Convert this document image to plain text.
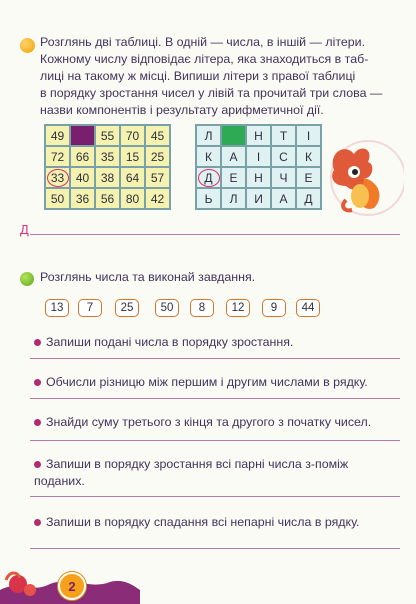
Розглянь дві таблиці. В одній — числа, в іншій — літери.
Кожному числу відповідає літера, яка знаходиться в таб-
лиці на такому ж місці. Випиши літери з правої таблиці
в порядку зростання чисел у лівій та прочитай три слова —
назви компонентів і результату арифметичної дії.
49	55 70 45
72 66 35 15 25
33 40 38 64 57
50 36 56 80 42
Л	Н Т І
К А І С К
Д	Е Н Ч Е
Ь Л И А Д
Д
Розглянь числа та виконай завдання.
13	7	25	50	8	12	9	44
Запиши подані числа в порядку зростання.
Обчисли різницю між першим і другим числами в рядку.
Знайди суму третього з кінця та другого з початку чисел.
Запиши в порядку зростання всі парні числа з-поміж
поданих.
Запиши в порядку спадання всі непарні числа в рядку.
2
